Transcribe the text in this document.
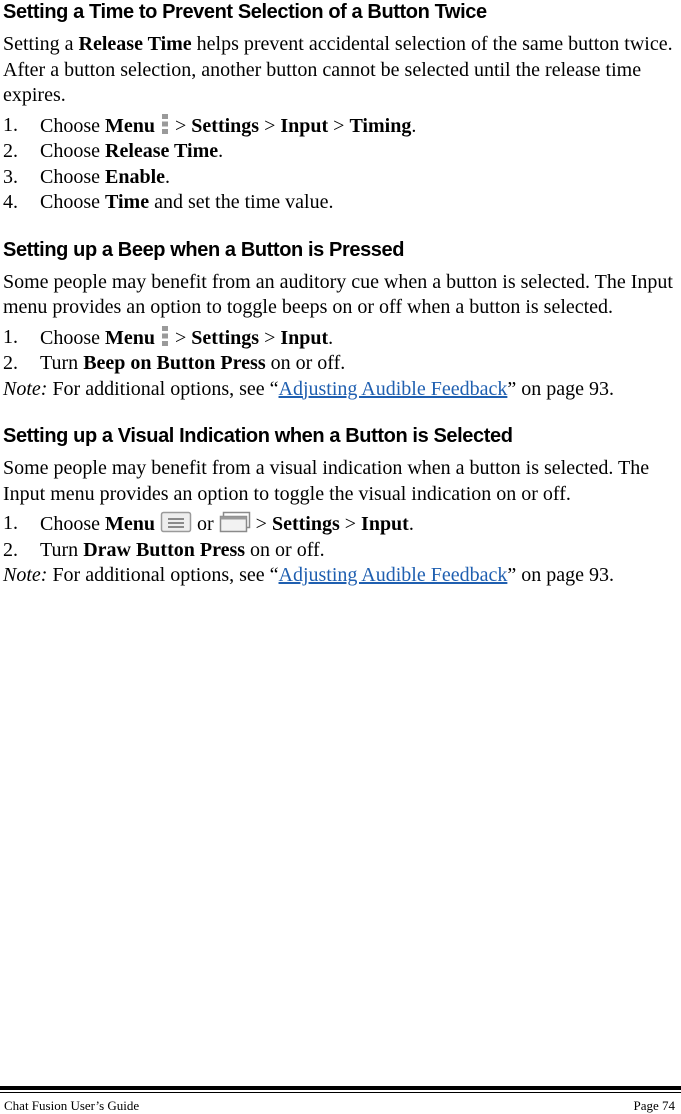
Setting a Time to Prevent Selection of a Button Twice

Setting a Release Time helps prevent accidental selection of the same button twice. After a button selection, another button cannot be selected until the release time expires.

1. Choose Menu  > Settings > Input > Timing.
2. Choose Release Time.
3. Choose Enable.
4. Choose Time and set the time value.
Setting up a Beep when a Button is Pressed

Some people may benefit from an auditory cue when a button is selected. The Input menu provides an option to toggle beeps on or off when a button is selected.

1. Choose Menu  > Settings > Input.
2. Turn Beep on Button Press on or off.

Note: For additional options, see “Adjusting Audible Feedback” on page 93.

Setting up a Visual Indication when a Button is Selected

Some people may benefit from a visual indication when a button is selected. The Input menu provides an option to toggle the visual indication on or off.

1. Choose Menu  or  > Settings > Input.
2. Turn Draw Button Press on or off.

Note: For additional options, see “Adjusting Audible Feedback” on page 93.

Chat Fusion User’s Guide	Page 74
